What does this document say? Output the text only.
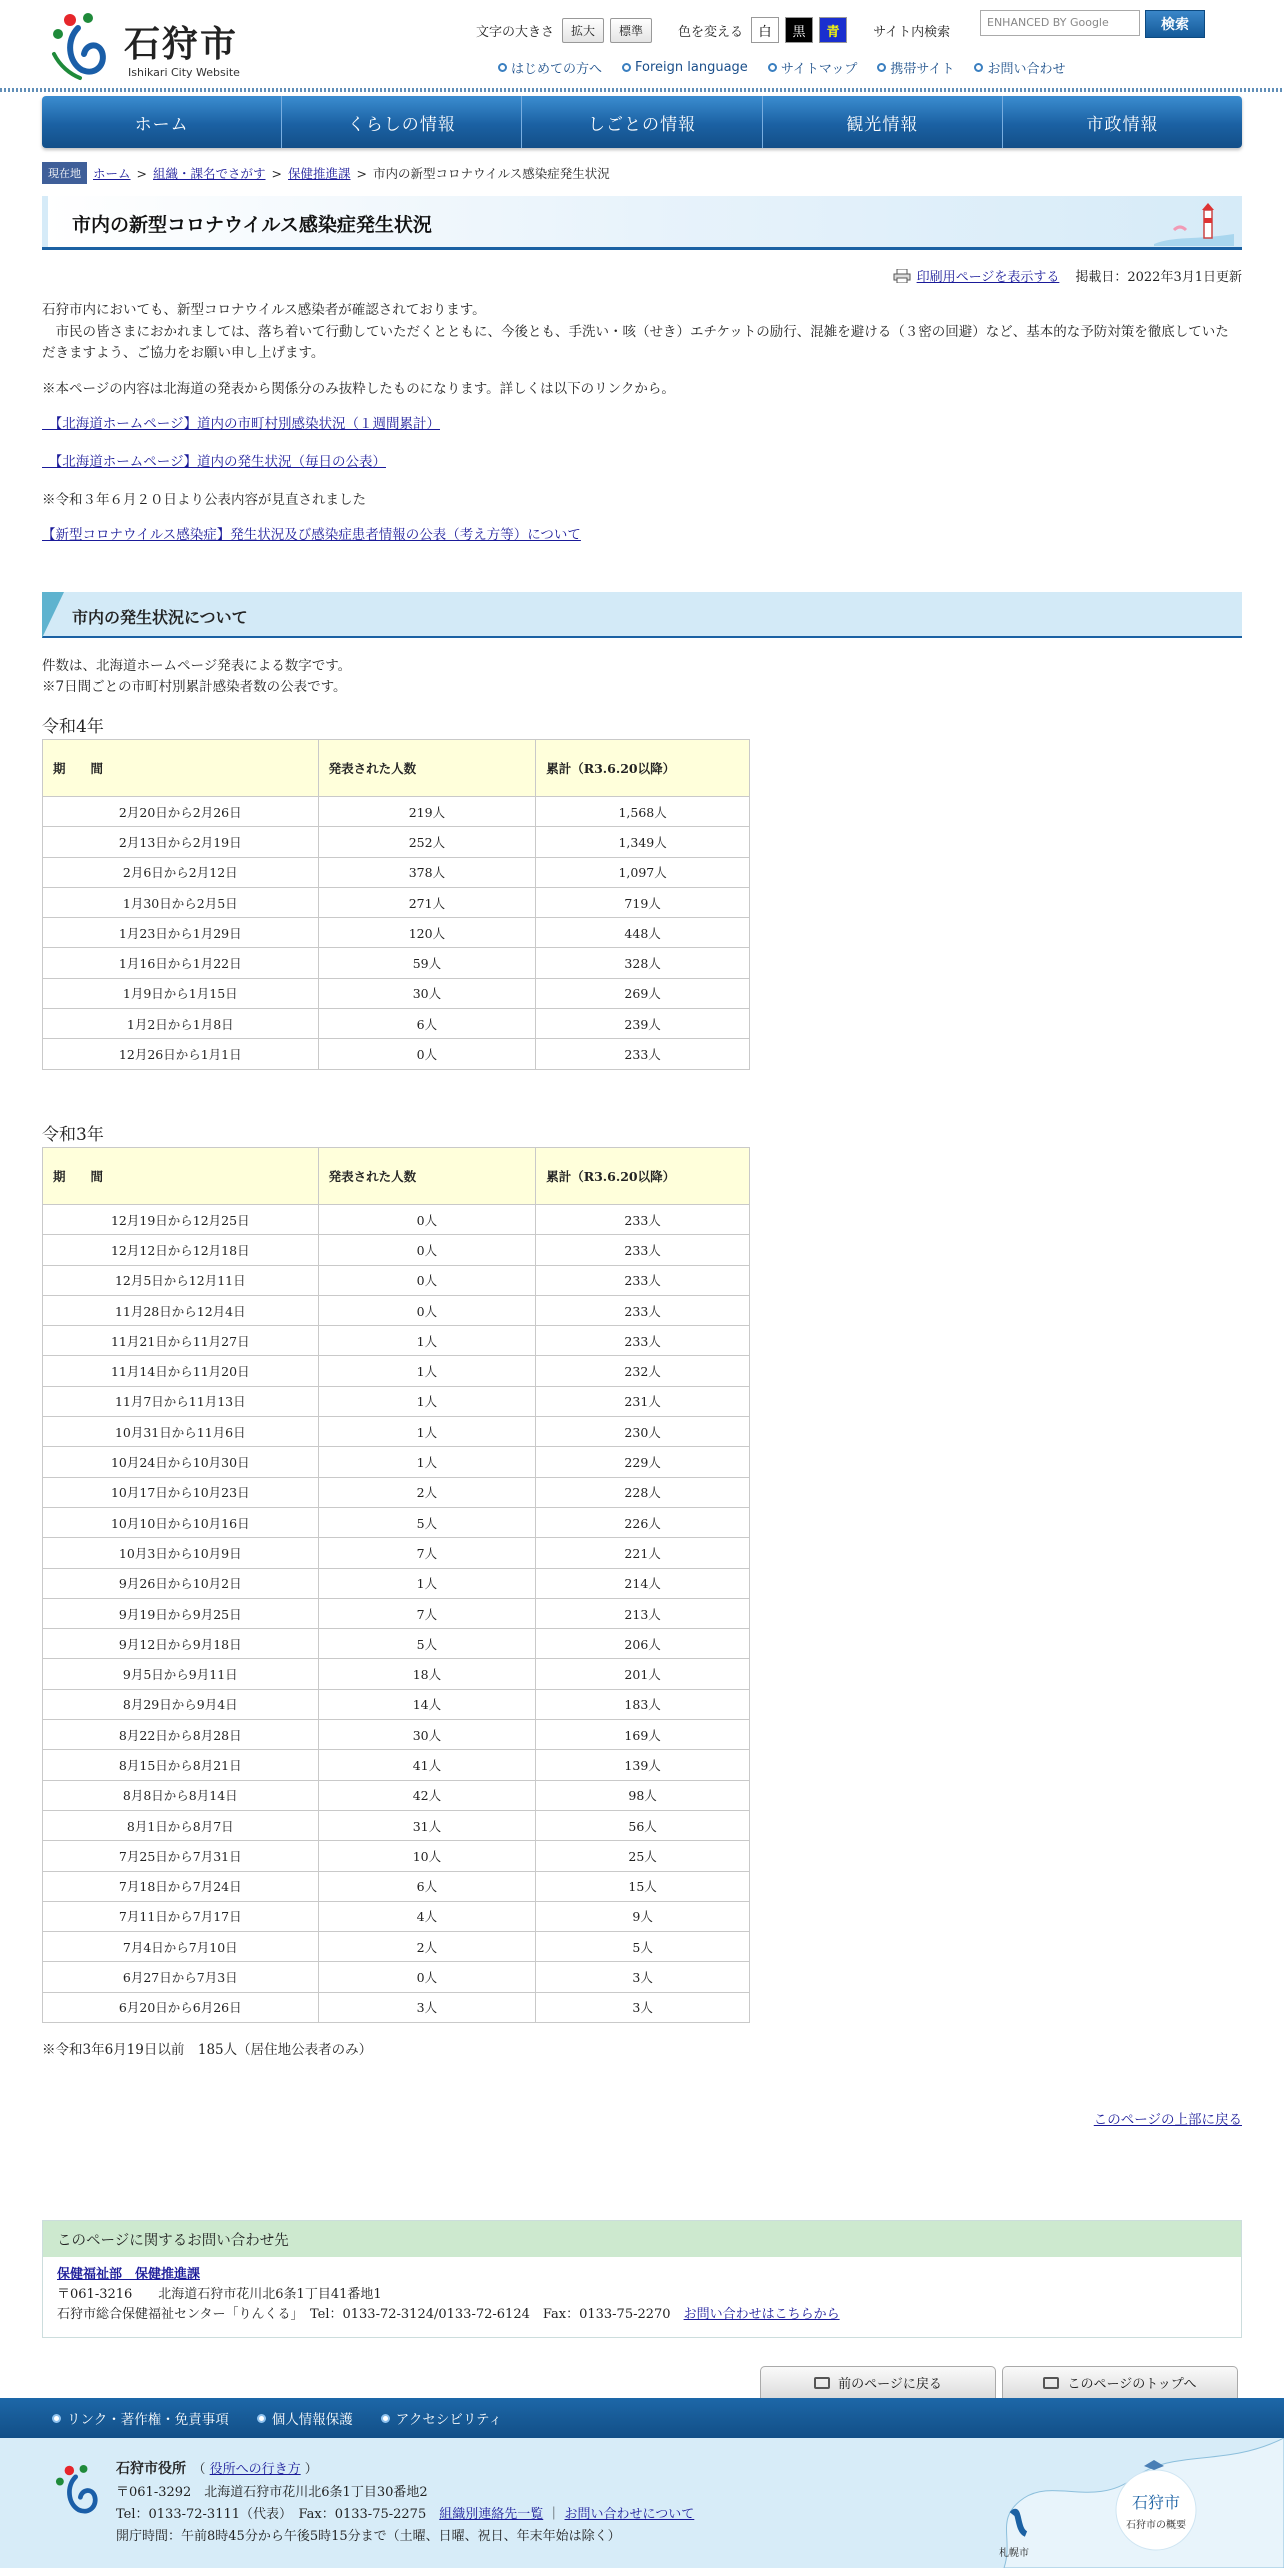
石狩市
Ishikari City Website
文字の大きさ	拡大	標準	色を変える	白	黒	青	サイト内検索
ENHANCED BY Google	検索
はじめての方へ	Foreign language	サイトマップ	携帯サイト	お問い合わせ
ホーム	くらしの情報	しごとの情報	観光情報	市政情報
現在地 ホーム > 組織・課名でさがす > 保健推進課 > 市内の新型コロナウイルス感染症発生状況
市内の新型コロナウイルス感染症発生状況
印刷用ページを表示する 掲載日：2022年3月1日更新

石狩市内においても、新型コロナウイルス感染者が確認されております。

　市民の皆さまにおかれましては、落ち着いて行動していただくとともに、今後とも、手洗い・咳（せき）エチケットの励行、混雑を避ける（３密の回避）など、基本的な予防対策を徹底していただきますよう、ご協力をお願い申し上げます。

※本ページの内容は北海道の発表から関係分のみ抜粋したものになります。詳しくは以下のリンクから。

　【北海道ホームページ】道内の市町村別感染状況（１週間累計）

　【北海道ホームページ】道内の発生状況（毎日の公表）

※令和３年６月２０日より公表内容が見直されました

【新型コロナウイルス感染症】発生状況及び感染症患者情報の公表（考え方等）について

市内の発生状況について
件数は、北海道ホームページ発表による数字です。
※7日間ごとの市町村別累計感染者数の公表です。
令和4年
期　　間	発表された人数	累計（R3.6.20以降）
2月20日から2月26日	219人	1,568人
2月13日から2月19日	252人	1,349人
2月6日から2月12日	378人	1,097人
1月30日から2月5日	271人	719人
1月23日から1月29日	120人	448人
1月16日から1月22日	59人	328人
1月9日から1月15日	30人	269人
1月2日から1月8日	6人	239人
12月26日から1月1日	0人	233人
令和3年
期　　間	発表された人数	累計（R3.6.20以降）
12月19日から12月25日	0人	233人
12月12日から12月18日	0人	233人
12月5日から12月11日	0人	233人
11月28日から12月4日	0人	233人
11月21日から11月27日	1人	233人
11月14日から11月20日	1人	232人
11月7日から11月13日	1人	231人
10月31日から11月6日	1人	230人
10月24日から10月30日	1人	229人
10月17日から10月23日	2人	228人
10月10日から10月16日	5人	226人
10月3日から10月9日	7人	221人
9月26日から10月2日	1人	214人
9月19日から9月25日	7人	213人
9月12日から9月18日	5人	206人
9月5日から9月11日	18人	201人
8月29日から9月4日	14人	183人
8月22日から8月28日	30人	169人
8月15日から8月21日	41人	139人
8月8日から8月14日	42人	98人
8月1日から8月7日	31人	56人
7月25日から7月31日	10人	25人
7月18日から7月24日	6人	15人
7月11日から7月17日	4人	9人
7月4日から7月10日	2人	5人
6月27日から7月3日	0人	3人
6月20日から6月26日	3人	3人
※令和3年6月19日以前　185人（居住地公表者のみ）
このページの上部に戻る
このページに関するお問い合わせ先
保健福祉部　保健推進課
〒061-3216　　北海道石狩市花川北6条1丁目41番地1
石狩市総合保健福祉センター「りんくる」　Tel：0133-72-3124/0133-72-6124　Fax：0133-75-2270　 お問い合わせはこちらから
前のページに戻る	このページのトップへ
リンク・著作権・免責事項	個人情報保護	アクセシビリティ
石狩市役所　（ 役所への行き方 ）
〒061-3292　北海道石狩市花川北6条1丁目30番地2
Tel：0133-72-3111（代表）　Fax：0133-75-2275　 組織別連絡先一覧 ｜ お問い合わせについて
開庁時間：午前8時45分から午後5時15分まで（土曜、日曜、祝日、年末年始は除く）
石狩市
石狩市の概要
札幌市
